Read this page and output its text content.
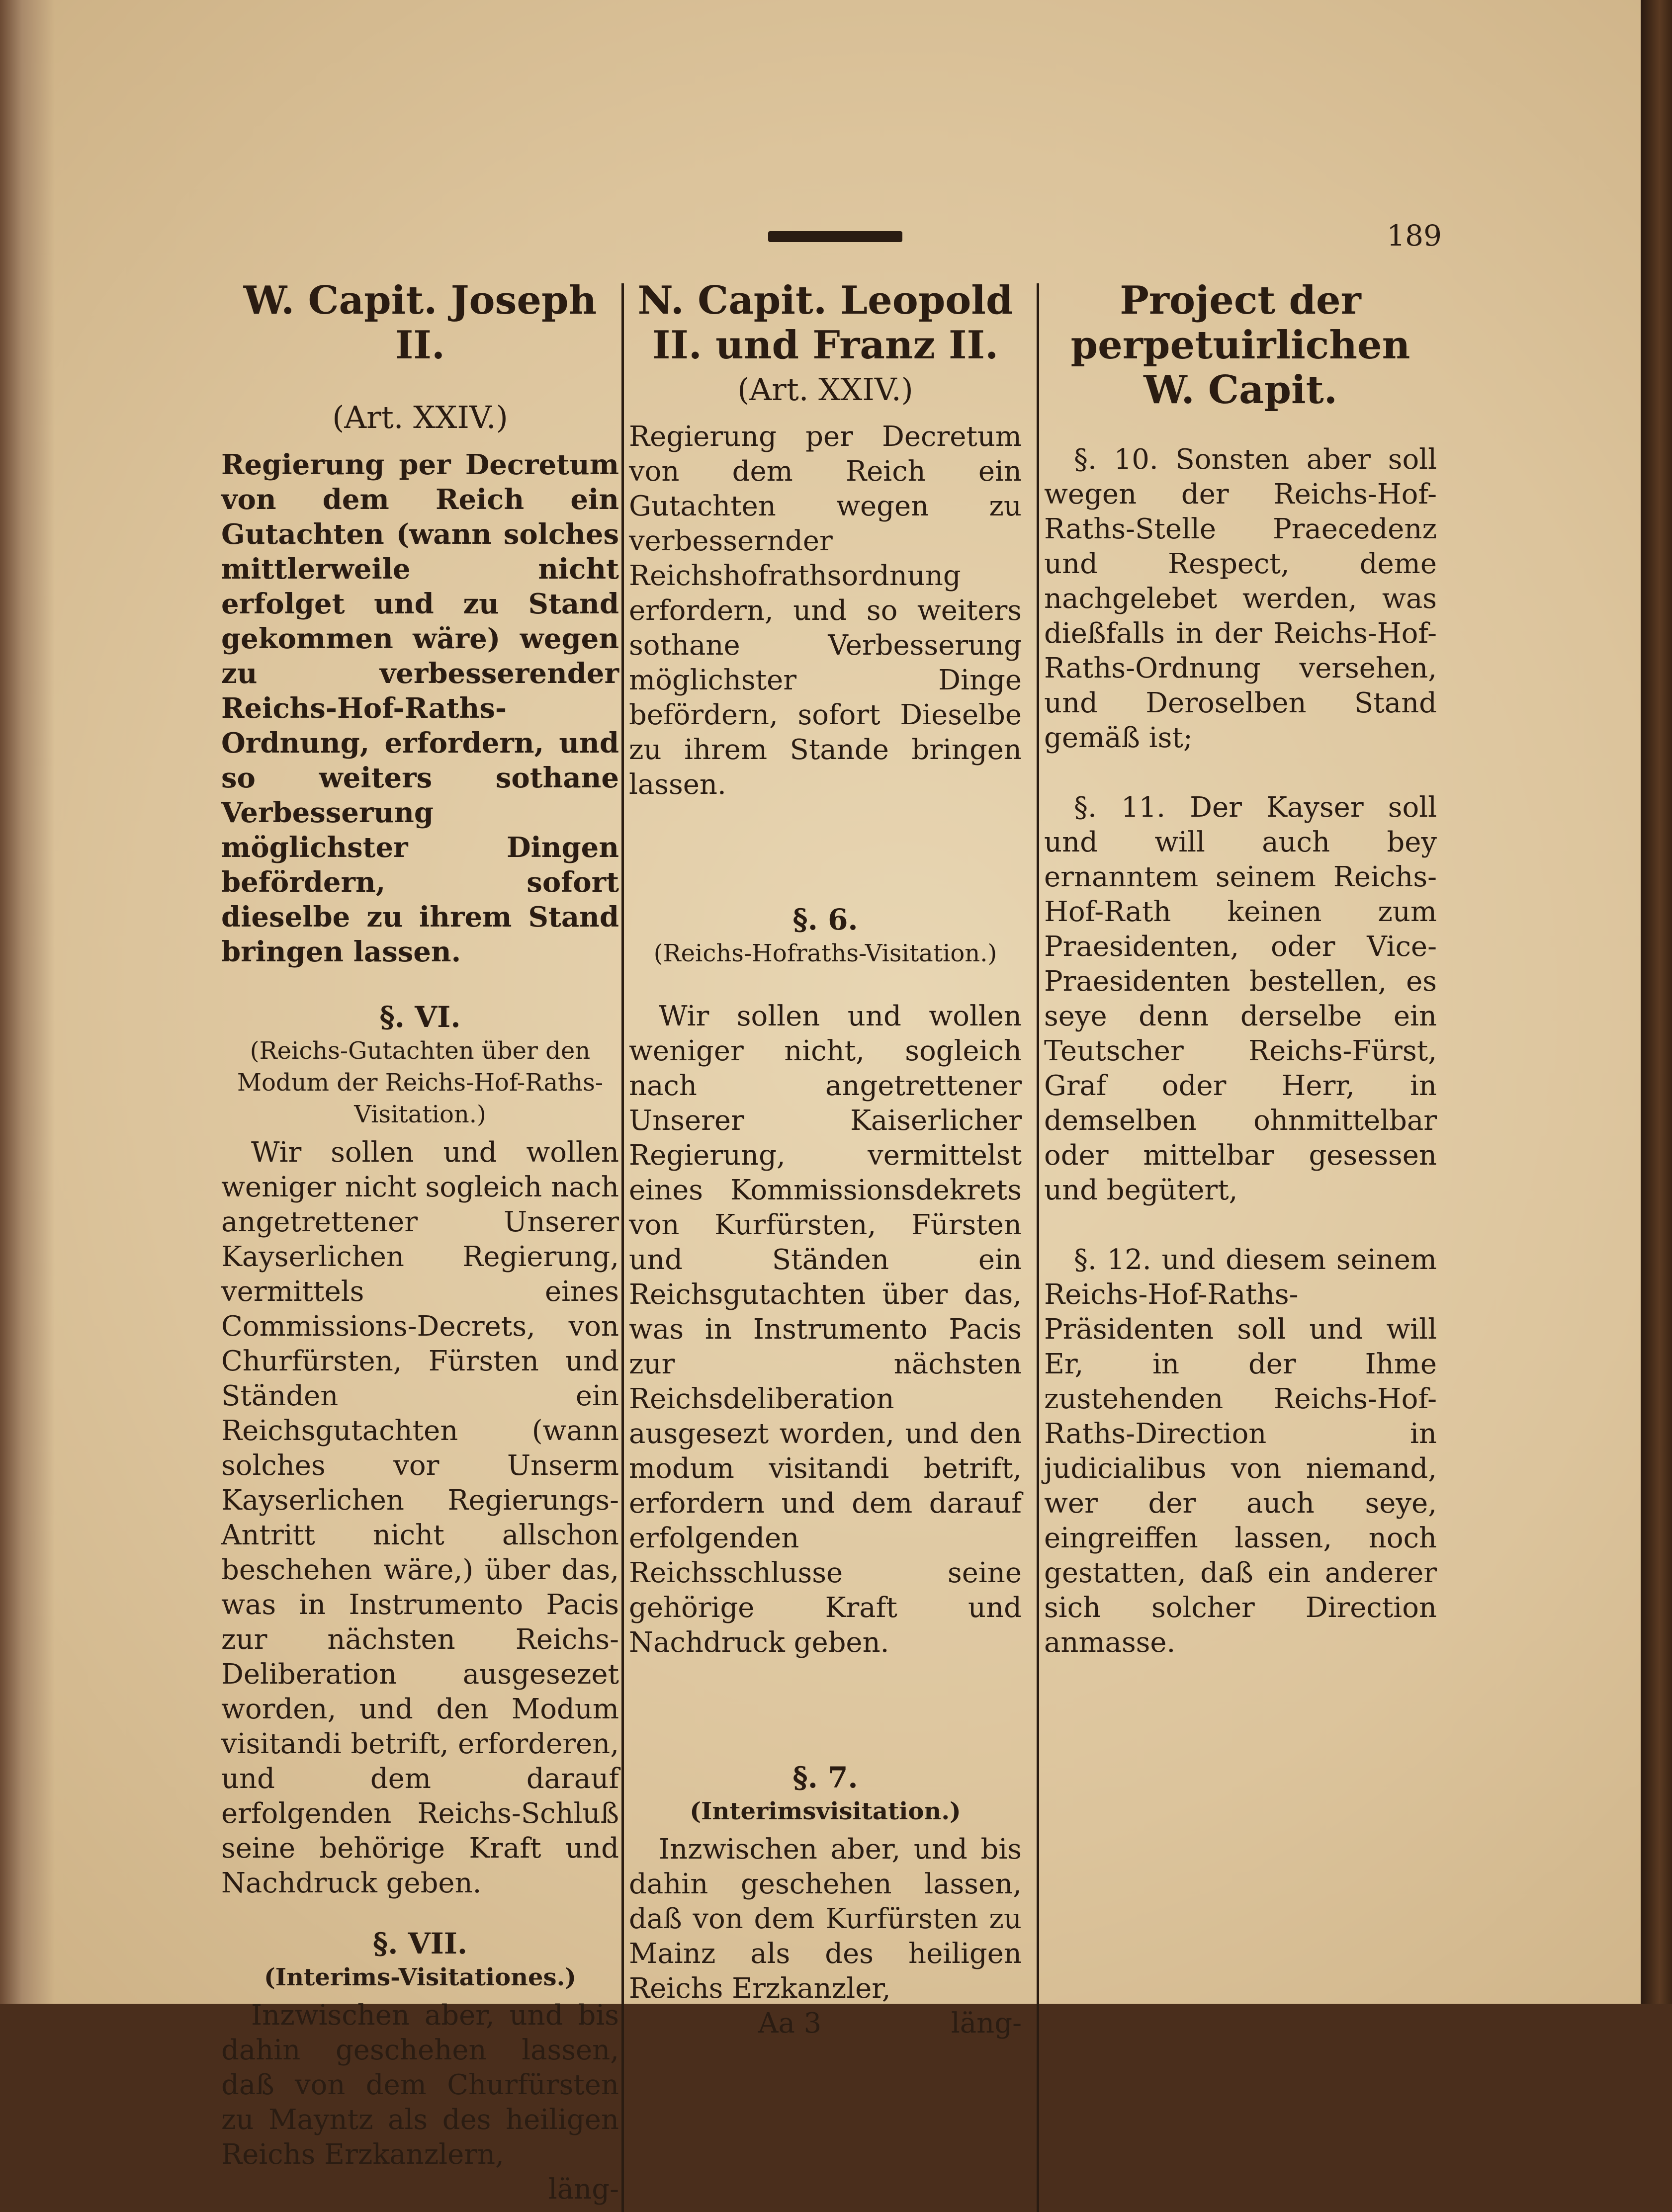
189

W. Capit. Joseph II.

(Art. XXIV.)

Regierung per Decretum von dem Reich ein Gutachten (wann solches mittlerweile nicht erfolget und zu Stand gekommen wäre) wegen zu verbesserender Reichs-Hof-Raths-Ordnung, erfordern, und so weiters sothane Verbesserung möglichster Dingen befördern, sofort dieselbe zu ihrem Stand bringen lassen.

§. VI.

(Reichs-Gutachten über den Modum der Reichs-Hof-Raths-Visitation.)

Wir sollen und wollen weniger nicht sogleich nach angetrettener Unserer Kayserlichen Regierung, vermittels eines Commissions-Decrets, von Churfürsten, Fürsten und Ständen ein Reichsgutachten (wann solches vor Unserm Kayserlichen Regierungs-Antritt nicht allschon beschehen wäre,) über das, was in Instrumento Pacis zur nächsten Reichs-Deliberation ausgesezet worden, und den Modum visitandi betrift, erforderen, und dem darauf erfolgenden Reichs-Schluß seine behörige Kraft und Nachdruck geben.

§. VII.

(Interims-Visitationes.)

Inzwischen aber, und bis dahin geschehen lassen, daß von dem Churfürsten zu Mayntz als des heiligen Reichs Erzkanzlern,

läng-

N. Capit. Leopold II. und Franz II.

(Art. XXIV.)

Regierung per Decretum von dem Reich ein Gutachten wegen zu verbessernder Reichshofrathsordnung erfordern, und so weiters sothane Verbesserung möglichster Dinge befördern, sofort Dieselbe zu ihrem Stande bringen lassen.

§. 6.

(Reichs-Hofraths-Visitation.)

Wir sollen und wollen weniger nicht, sogleich nach angetrettener Unserer Kaiserlicher Regierung, vermittelst eines Kommissionsdekrets von Kurfürsten, Fürsten und Ständen ein Reichsgutachten über das, was in Instrumento Pacis zur nächsten Reichsdeliberation ausgesezt worden, und den modum visitandi betrift, erfordern und dem darauf erfolgenden Reichsschlusse seine gehörige Kraft und Nachdruck geben.

§. 7.

(Interimsvisitation.)

Inzwischen aber, und bis dahin geschehen lassen, daß von dem Kurfürsten zu Mainz als des heiligen Reichs Erzkanzler,

Aa 3	läng-

Project der perpetuirlichen W. Capit.

§. 10. Sonsten aber soll wegen der Reichs-Hof-Raths-Stelle Praecedenz und Respect, deme nachgelebet werden, was dießfalls in der Reichs-Hof-Raths-Ordnung versehen, und Deroselben Stand gemäß ist;

§. 11. Der Kayser soll und will auch bey ernanntem seinem Reichs-Hof-Rath keinen zum Praesidenten, oder Vice-Praesidenten bestellen, es seye denn derselbe ein Teutscher Reichs-Fürst, Graf oder Herr, in demselben ohnmittelbar oder mittelbar gesessen und begütert,

§. 12. und diesem seinem Reichs-Hof-Raths-Präsidenten soll und will Er, in der Ihme zustehenden Reichs-Hof-Raths-Direction in judicialibus von niemand, wer der auch seye, eingreiffen lassen, noch gestatten, daß ein anderer sich solcher Direction anmasse.
